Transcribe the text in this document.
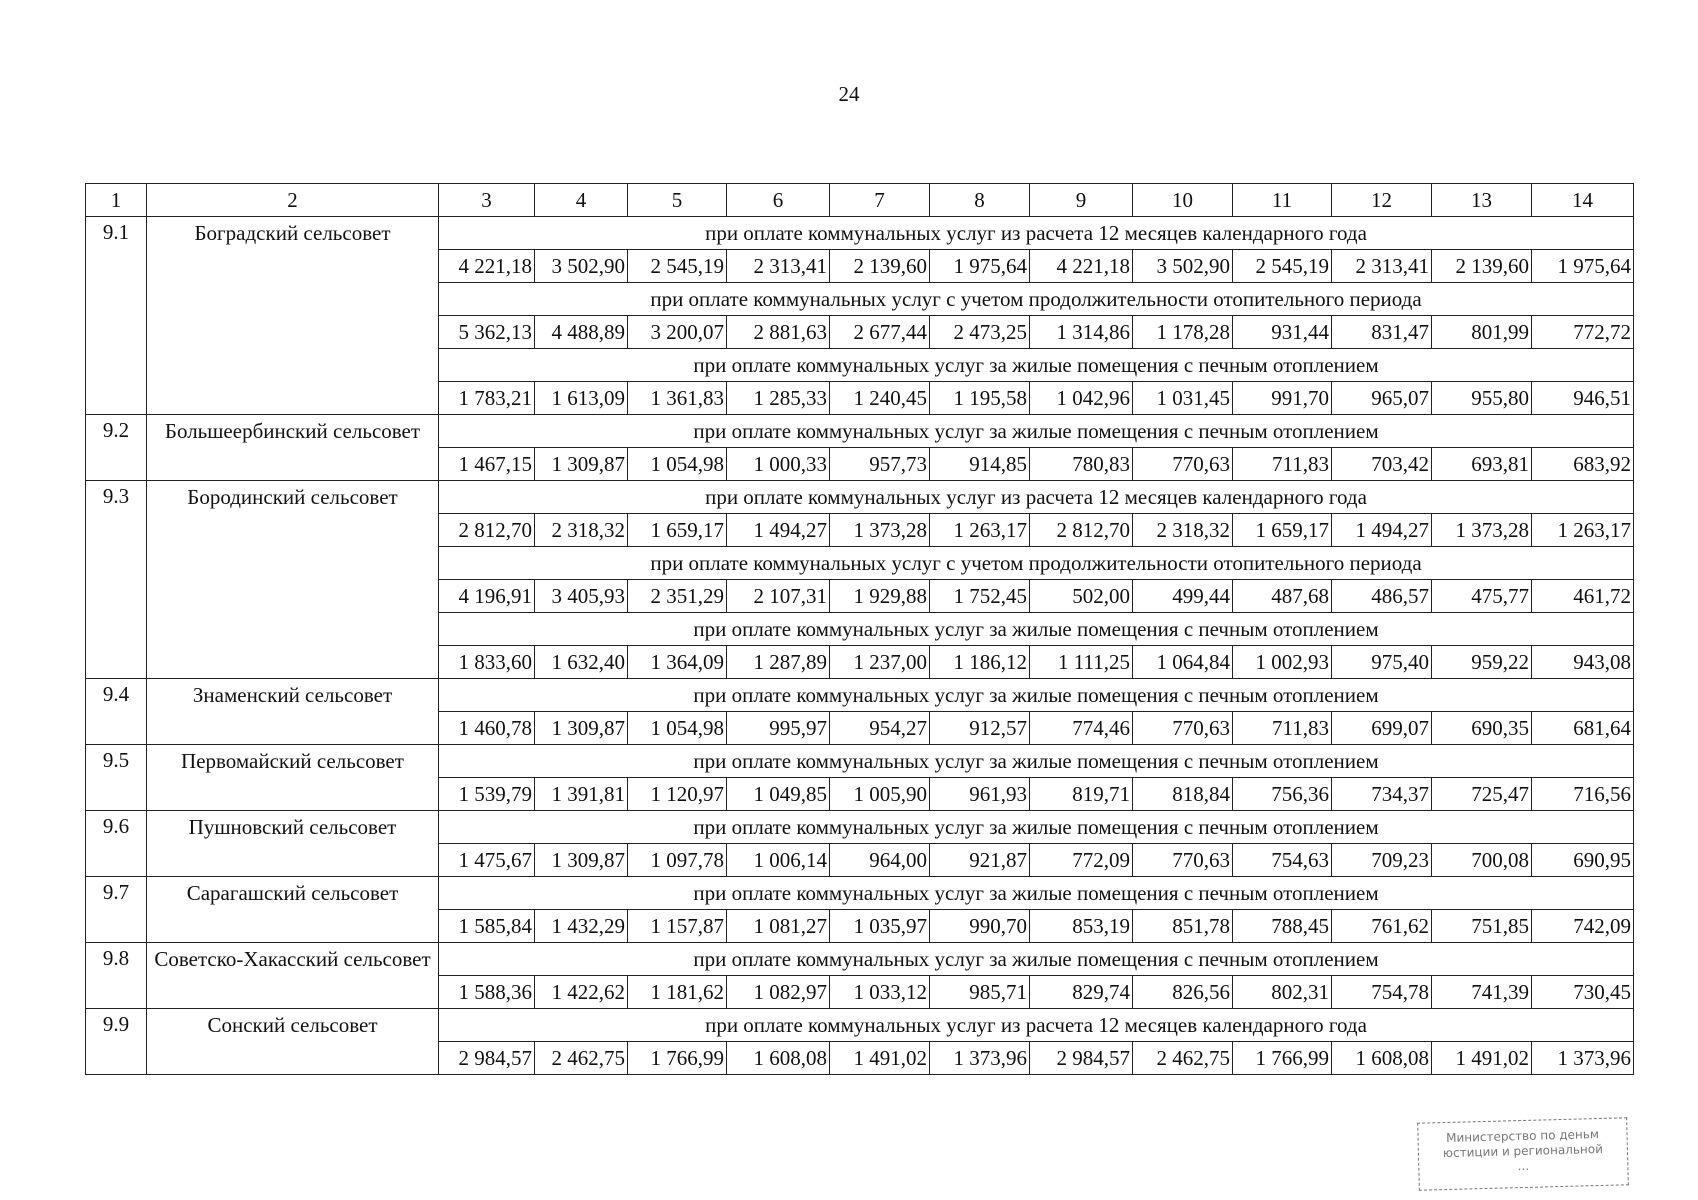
24
1	2	3	4	5	6	7	8	9	10	11	12	13	14
9.1	Боградский сельсовет	при оплате коммунальных услуг из расчета 12 месяцев календарного года											
		4 221,18	3 502,90	2 545,19	2 313,41	2 139,60	1 975,64	4 221,18	3 502,90	2 545,19	2 313,41	2 139,60	1 975,64
		при оплате коммунальных услуг с учетом продолжительности отопительного периода											
		5 362,13	4 488,89	3 200,07	2 881,63	2 677,44	2 473,25	1 314,86	1 178,28	931,44	831,47	801,99	772,72
		при оплате коммунальных услуг за жилые помещения с печным отоплением											
		1 783,21	1 613,09	1 361,83	1 285,33	1 240,45	1 195,58	1 042,96	1 031,45	991,70	965,07	955,80	946,51
9.2	Большеербинский сельсовет	при оплате коммунальных услуг за жилые помещения с печным отоплением											
		1 467,15	1 309,87	1 054,98	1 000,33	957,73	914,85	780,83	770,63	711,83	703,42	693,81	683,92
9.3	Бородинский сельсовет	при оплате коммунальных услуг из расчета 12 месяцев календарного года											
		2 812,70	2 318,32	1 659,17	1 494,27	1 373,28	1 263,17	2 812,70	2 318,32	1 659,17	1 494,27	1 373,28	1 263,17
		при оплате коммунальных услуг с учетом продолжительности отопительного периода											
		4 196,91	3 405,93	2 351,29	2 107,31	1 929,88	1 752,45	502,00	499,44	487,68	486,57	475,77	461,72
		при оплате коммунальных услуг за жилые помещения с печным отоплением											
		1 833,60	1 632,40	1 364,09	1 287,89	1 237,00	1 186,12	1 111,25	1 064,84	1 002,93	975,40	959,22	943,08
9.4	Знаменский сельсовет	при оплате коммунальных услуг за жилые помещения с печным отоплением											
		1 460,78	1 309,87	1 054,98	995,97	954,27	912,57	774,46	770,63	711,83	699,07	690,35	681,64
9.5	Первомайский сельсовет	при оплате коммунальных услуг за жилые помещения с печным отоплением											
		1 539,79	1 391,81	1 120,97	1 049,85	1 005,90	961,93	819,71	818,84	756,36	734,37	725,47	716,56
9.6	Пушновский сельсовет	при оплате коммунальных услуг за жилые помещения с печным отоплением											
		1 475,67	1 309,87	1 097,78	1 006,14	964,00	921,87	772,09	770,63	754,63	709,23	700,08	690,95
9.7	Сарагашский сельсовет	при оплате коммунальных услуг за жилые помещения с печным отоплением											
		1 585,84	1 432,29	1 157,87	1 081,27	1 035,97	990,70	853,19	851,78	788,45	761,62	751,85	742,09
9.8	Советско-Хакасский сельсовет	при оплате коммунальных услуг за жилые помещения с печным отоплением											
		1 588,36	1 422,62	1 181,62	1 082,97	1 033,12	985,71	829,74	826,56	802,31	754,78	741,39	730,45
9.9	Сонский сельсовет	при оплате коммунальных услуг из расчета 12 месяцев календарного года											
		2 984,57	2 462,75	1 766,99	1 608,08	1 491,02	1 373,96	2 984,57	2 462,75	1 766,99	1 608,08	1 491,02	1 373,96
Министерство по деньм
юстиции и региональной
...
